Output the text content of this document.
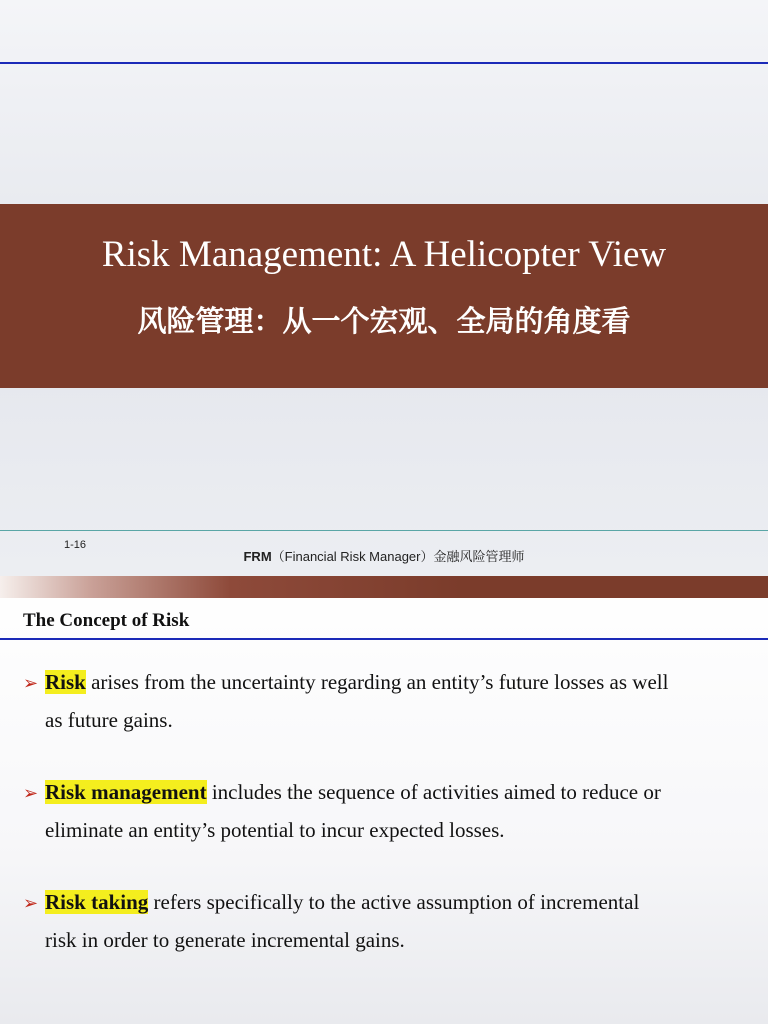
Risk Management: A Helicopter View
风险管理：从一个宏观、全局的角度看
1-16
FRM（Financial Risk Manager）金融风险管理师
The Concept of Risk
➢ Risk arises from the uncertainty regarding an entity’s future losses as well
as future gains.
➢ Risk management includes the sequence of activities aimed to reduce or
eliminate an entity’s potential to incur expected losses.
➢ Risk taking refers specifically to the active assumption of incremental
risk in order to generate incremental gains.
